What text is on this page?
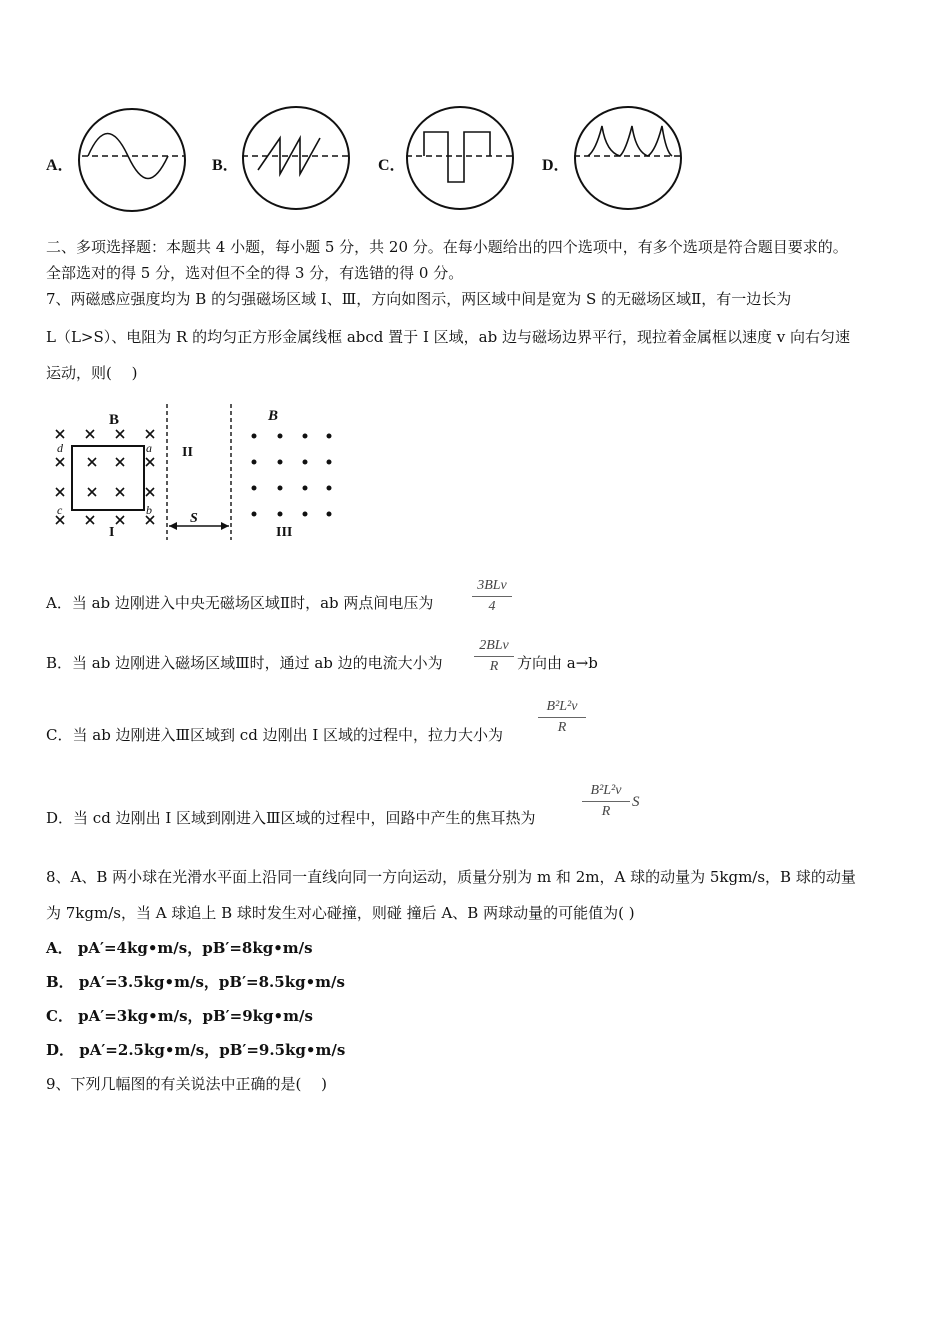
A．	B．	C．	D．
二、多项选择题：本题共 4 小题，每小题 5 分，共 20 分。在每小题给出的四个选项中，有多个选项是符合题目要求的。
全部选对的得 5 分，选对但不全的得 3 分，有选错的得 0 分。
7、两磁感应强度均为 B 的匀强磁场区域 I、Ⅲ，方向如图示，两区域中间是宽为 S 的无磁场区域Ⅱ，有一边长为
L（L>S）、电阻为 R 的均匀正方形金属线框 abcd 置于 I 区域，ab 边与磁场边界平行，现拉着金属框以速度 v 向右匀速
运动，则(　 )
B	B
II
I	III
S
d	a
c	b
A．当 ab 边刚进入中央无磁场区域Ⅱ时，ab 两点间电压为
3BLv
4
B．当 ab 边刚进入磁场区域Ⅲ时，通过 ab 边的电流大小为
2BLv
R	方向由 a→b
C．当 ab 边刚进入Ⅲ区域到 cd 边刚出 I 区域的过程中，拉力大小为
B²L²v
R
D．当 cd 边刚出 I 区域到刚进入Ⅲ区域的过程中，回路中产生的焦耳热为
B²L²v
R
S
8、A、B 两小球在光滑水平面上沿同一直线向同一方向运动，质量分别为 m 和 2m，A 球的动量为 5kgm/s，B 球的动量
为 7kgm/s，当 A 球追上 B 球时发生对心碰撞，则碰 撞后 A、B 两球动量的可能值为( )
A． pA′=4kg•m/s，pB′=8kg•m/s
B． pA′=3.5kg•m/s，pB′=8.5kg•m/s
C． pA′=3kg•m/s，pB′=9kg•m/s
D． pA′=2.5kg•m/s，pB′=9.5kg•m/s
9、下列几幅图的有关说法中正确的是(　 )
